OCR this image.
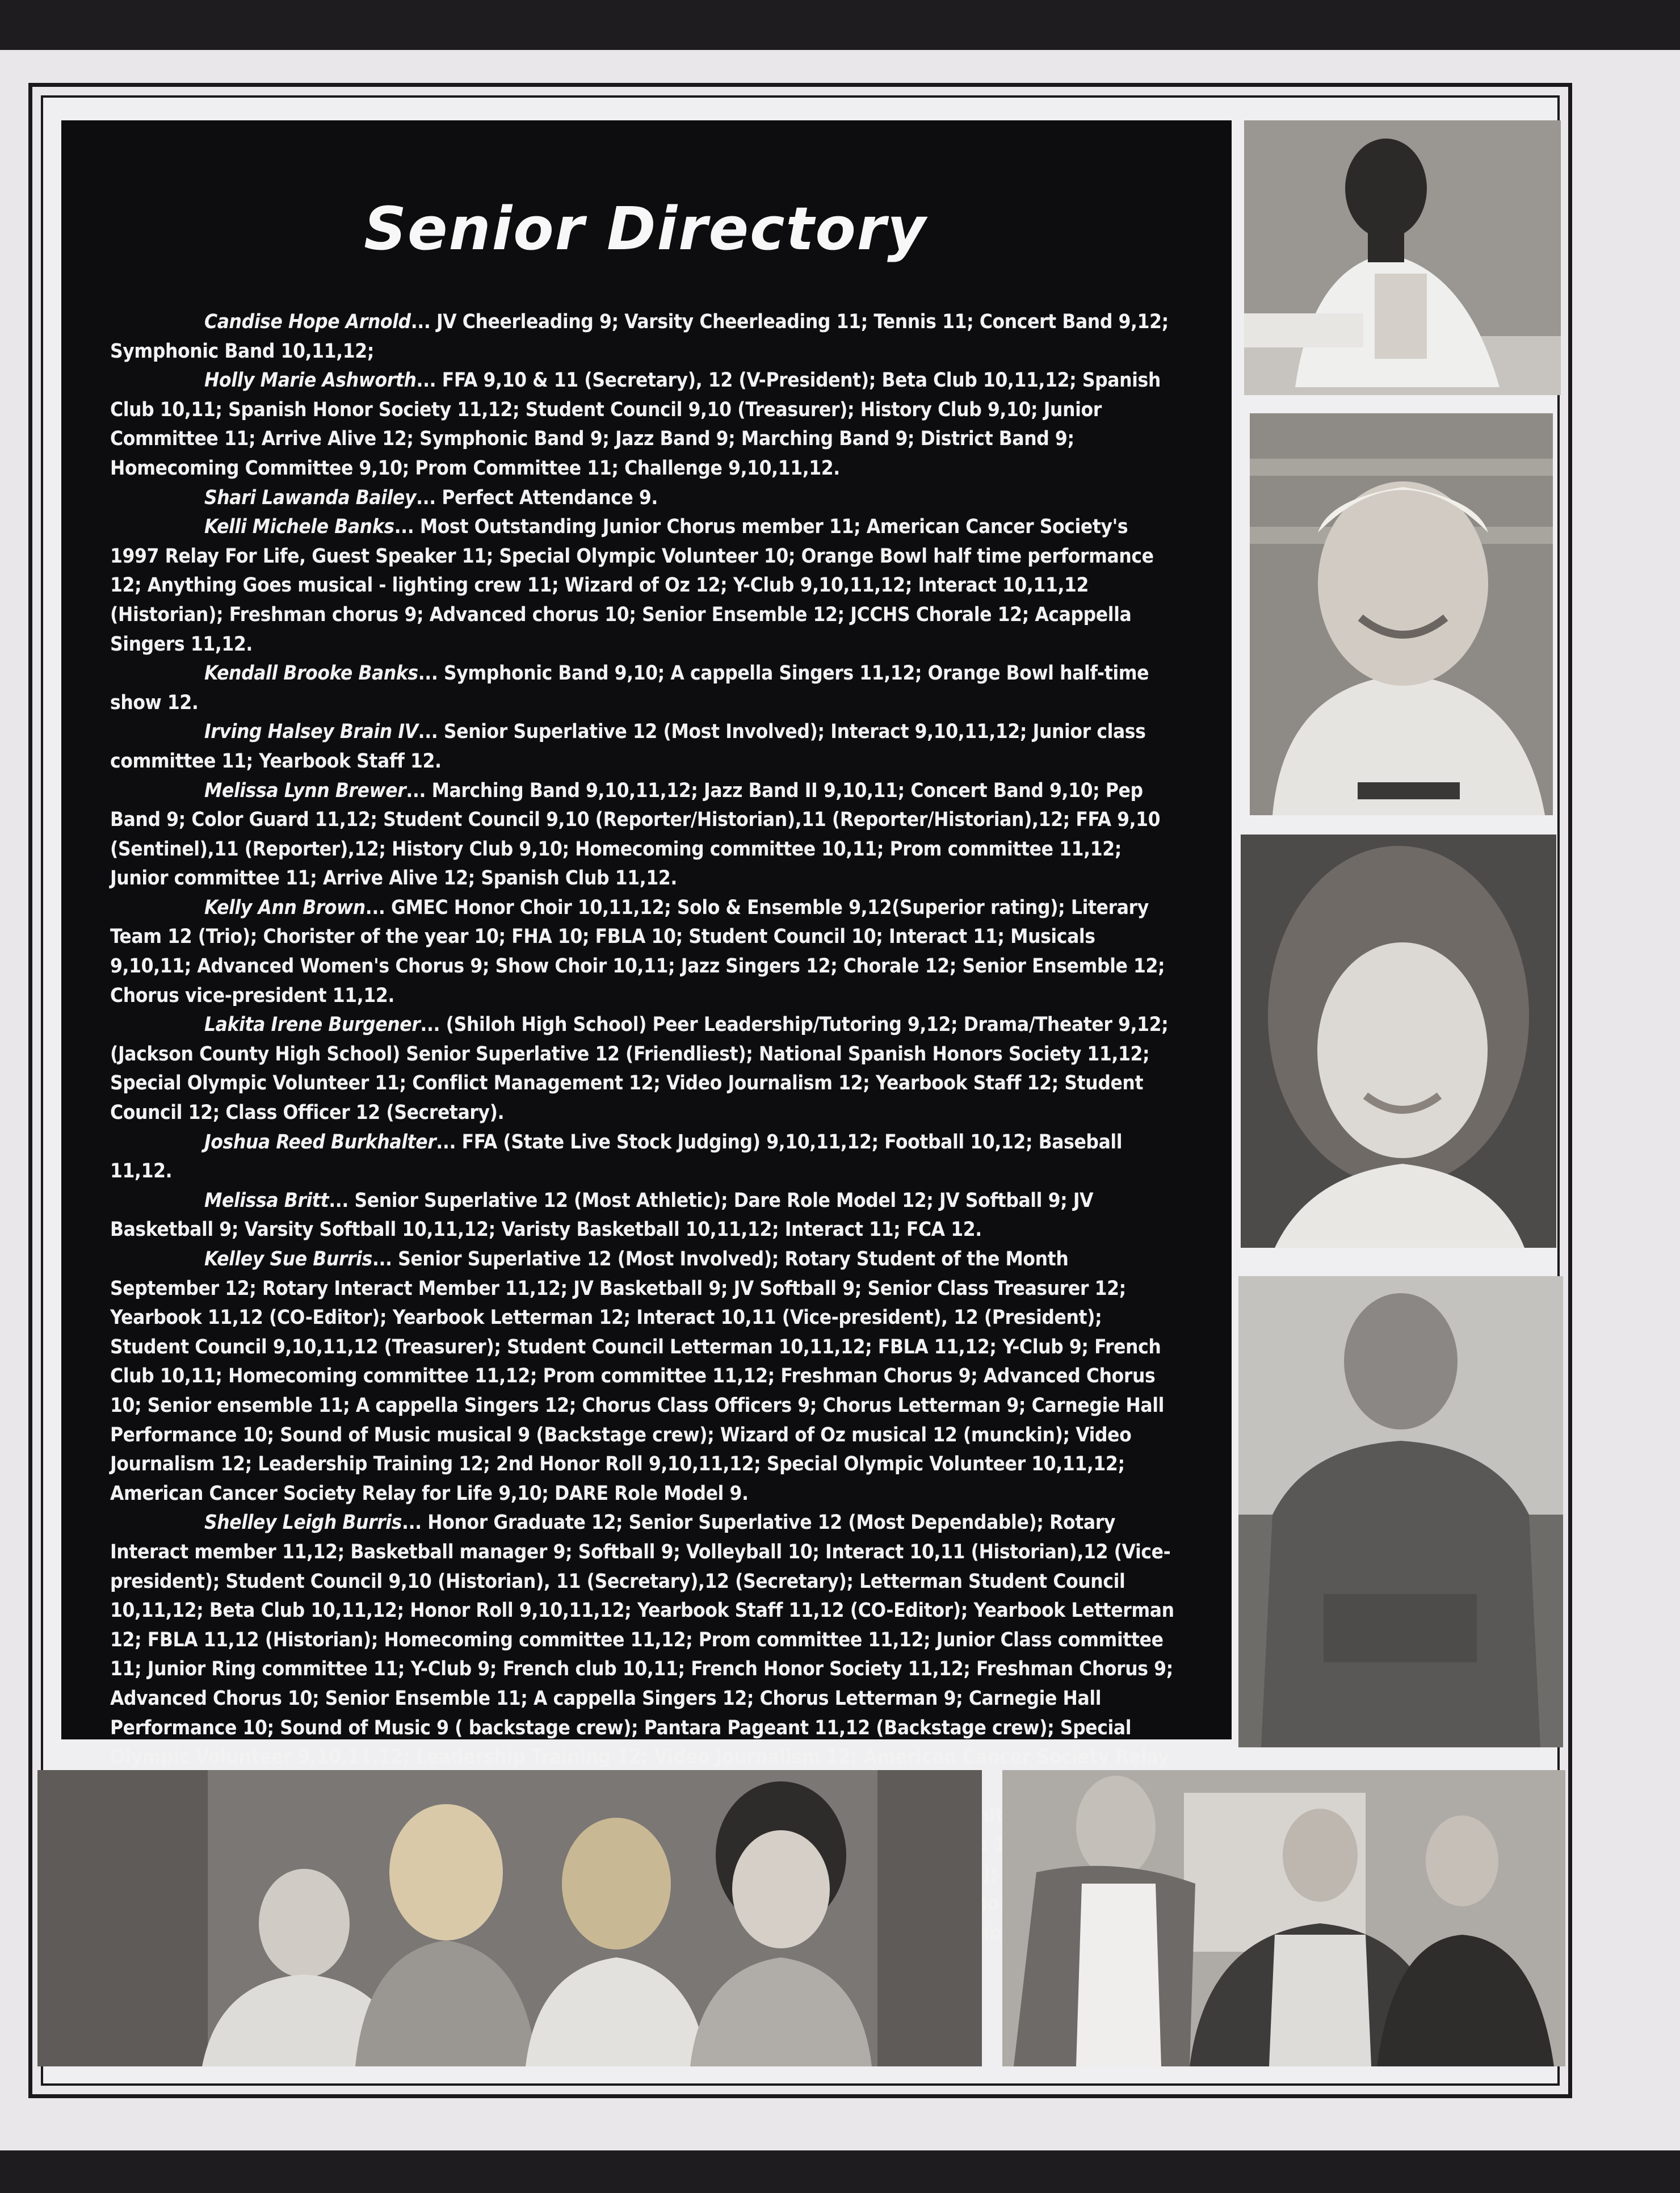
Senior Directory

Candise Hope Arnold... JV Cheerleading 9; Varsity Cheerleading 11; Tennis 11; Concert Band 9,12; Symphonic Band 10,11,12;

Holly Marie Ashworth... FFA 9,10 & 11 (Secretary), 12 (V-President); Beta Club 10,11,12; Spanish Club 10,11; Spanish Honor Society 11,12; Student Council 9,10 (Treasurer); History Club 9,10; Junior Committee 11; Arrive Alive 12; Symphonic Band 9; Jazz Band 9; Marching Band 9; District Band 9; Homecoming Committee 9,10; Prom Committee 11; Challenge 9,10,11,12.

Shari Lawanda Bailey... Perfect Attendance 9.

Kelli Michele Banks... Most Outstanding Junior Chorus member 11; American Cancer Society's 1997 Relay For Life, Guest Speaker 11; Special Olympic Volunteer 10; Orange Bowl half time performance 12; Anything Goes musical - lighting crew 11; Wizard of Oz 12; Y-Club 9,10,11,12; Interact 10,11,12 (Historian); Freshman chorus 9; Advanced chorus 10; Senior Ensemble 12; JCCHS Chorale 12; Acappella Singers 11,12.

Kendall Brooke Banks... Symphonic Band 9,10; A cappella Singers 11,12; Orange Bowl half-time show 12.

Irving Halsey Brain IV... Senior Superlative 12 (Most Involved); Interact 9,10,11,12; Junior class committee 11; Yearbook Staff 12.

Melissa Lynn Brewer... Marching Band 9,10,11,12; Jazz Band II 9,10,11; Concert Band 9,10; Pep Band 9; Color Guard 11,12; Student Council 9,10 (Reporter/Historian),11 (Reporter/Historian),12; FFA 9,10 (Sentinel),11 (Reporter),12; History Club 9,10; Homecoming committee 10,11; Prom committee 11,12; Junior committee 11; Arrive Alive 12; Spanish Club 11,12.

Kelly Ann Brown... GMEC Honor Choir 10,11,12; Solo & Ensemble 9,12(Superior rating); Literary Team 12 (Trio); Chorister of the year 10; FHA 10; FBLA 10; Student Council 10; Interact 11; Musicals 9,10,11; Advanced Women's Chorus 9; Show Choir 10,11; Jazz Singers 12; Chorale 12; Senior Ensemble 12; Chorus vice-president 11,12.

Lakita Irene Burgener... (Shiloh High School) Peer Leadership/Tutoring 9,12; Drama/Theater 9,12; (Jackson County High School) Senior Superlative 12 (Friendliest); National Spanish Honors Society 11,12; Special Olympic Volunteer 11; Conflict Management 12; Video Journalism 12; Yearbook Staff 12; Student Council 12; Class Officer 12 (Secretary).

Joshua Reed Burkhalter... FFA (State Live Stock Judging) 9,10,11,12; Football 10,12; Baseball 11,12.

Melissa Britt... Senior Superlative 12 (Most Athletic); Dare Role Model 12; JV Softball 9; JV Basketball 9; Varsity Softball 10,11,12; Varisty Basketball 10,11,12; Interact 11; FCA 12.

Kelley Sue Burris... Senior Superlative 12 (Most Involved); Rotary Student of the Month September 12; Rotary Interact Member 11,12; JV Basketball 9; JV Softball 9; Senior Class Treasurer 12; Yearbook 11,12 (CO-Editor); Yearbook Letterman 12; Interact 10,11 (Vice-president), 12 (President); Student Council 9,10,11,12 (Treasurer); Student Council Letterman 10,11,12; FBLA 11,12; Y-Club 9; French Club 10,11; Homecoming committee 11,12; Prom committee 11,12; Freshman Chorus 9; Advanced Chorus 10; Senior ensemble 11; A cappella Singers 12; Chorus Class Officers 9; Chorus Letterman 9; Carnegie Hall Performance 10; Sound of Music musical 9 (Backstage crew); Wizard of Oz musical 12 (munckin); Video Journalism 12; Leadership Training 12; 2nd Honor Roll 9,10,11,12; Special Olympic Volunteer 10,11,12; American Cancer Society Relay for Life 9,10; DARE Role Model 9.

Shelley Leigh Burris... Honor Graduate 12; Senior Superlative 12 (Most Dependable); Rotary Interact member 11,12; Basketball manager 9; Softball 9; Volleyball 10; Interact 10,11 (Historian),12 (Vice-president); Student Council 9,10 (Historian), 11 (Secretary),12 (Secretary); Letterman Student Council 10,11,12; Beta Club 10,11,12; Honor Roll 9,10,11,12; Yearbook Staff 11,12 (CO-Editor); Yearbook Letterman 12; FBLA 11,12 (Historian); Homecoming committee 11,12; Prom committee 11,12; Junior Class committee 11; Junior Ring committee 11; Y-Club 9; French club 10,11; French Honor Society 11,12; Freshman Chorus 9; Advanced Chorus 10; Senior Ensemble 11; A cappella Singers 12; Chorus Letterman 9; Carnegie Hall Performance 10; Sound of Music 9 ( backstage crew); Pantara Pageant 11,12 (Backstage crew); Special Olympic Volunteer 9,10,11,12; Leadership Training 12; Video Journalism 12; American Cancer Society Relay

Chorus
